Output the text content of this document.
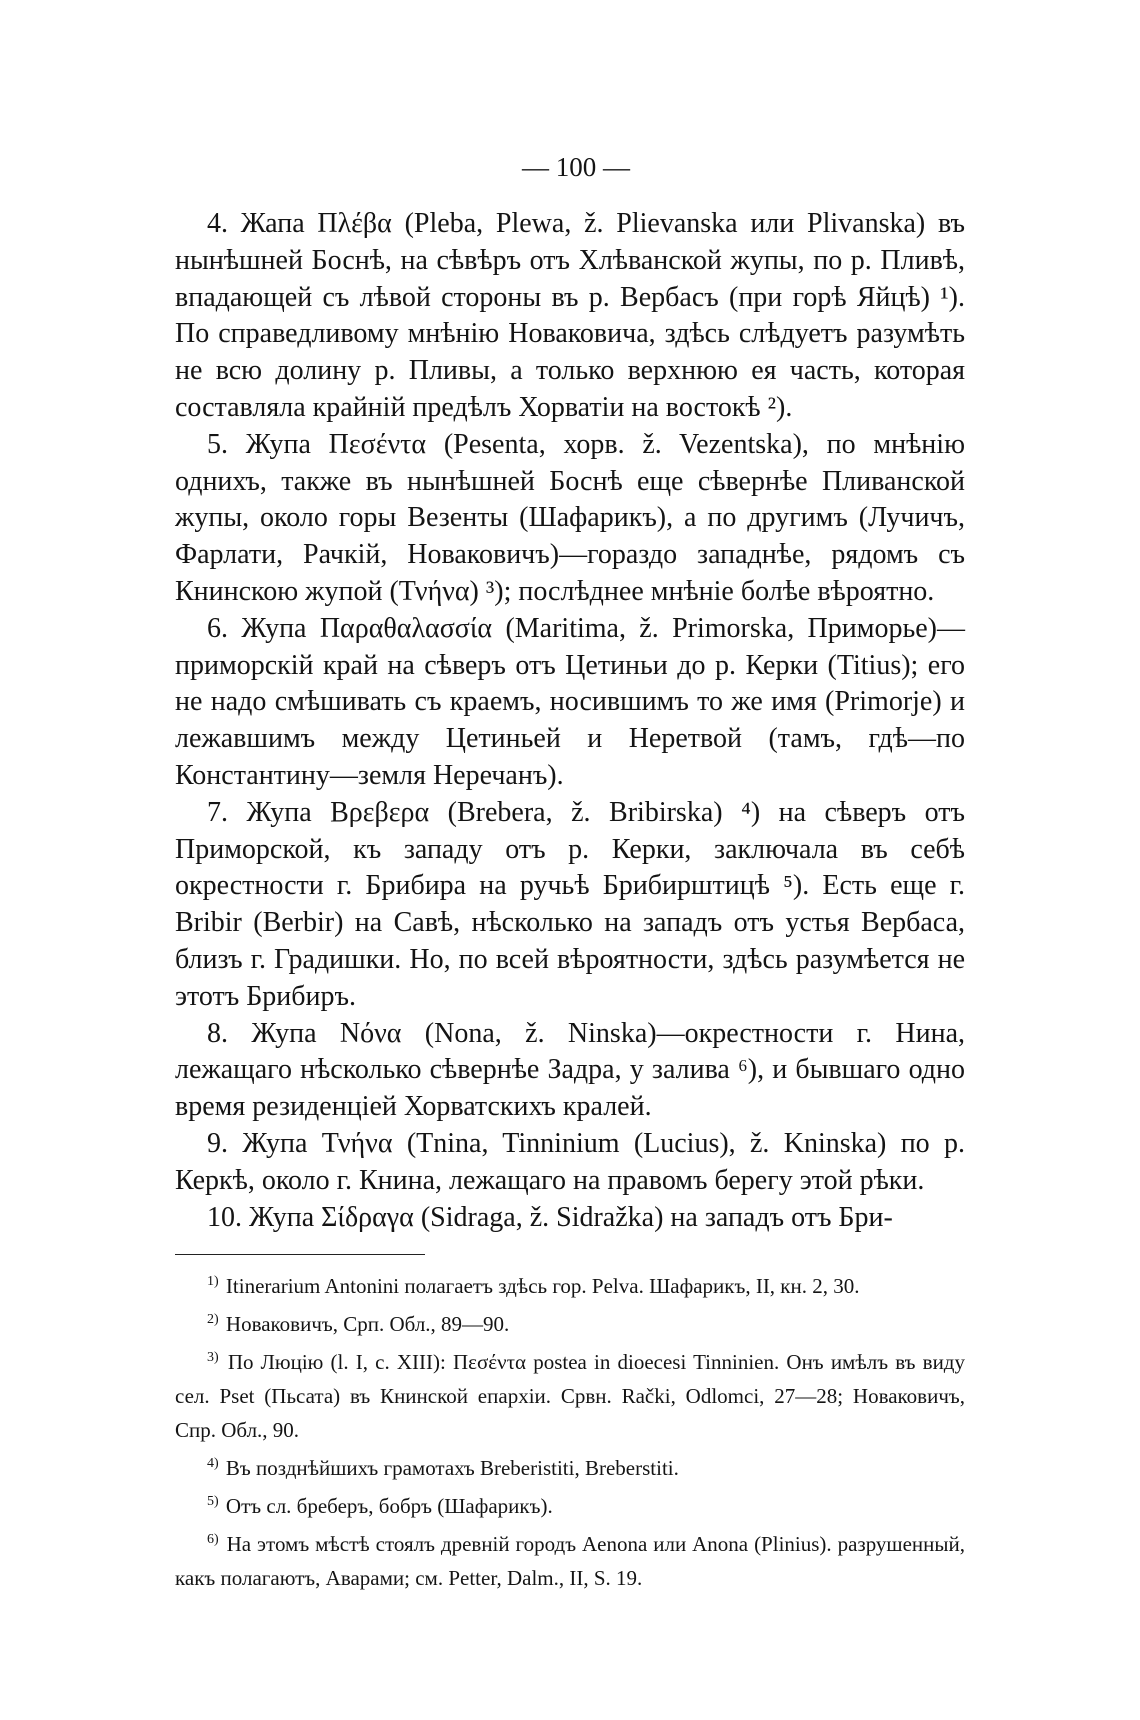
— 100 —

4. Жапа Πλέβα (Pleba, Plewa, ž. Plievanska или Plivanska) въ нынѣшней Боснѣ, на сѣвѣръ отъ Хлѣванской жупы, по р. Пливѣ, впадающей съ лѣвой стороны въ р. Вербасъ (при горѣ Яйцѣ) ¹). По справедливому мнѣнію Новаковича, здѣсь слѣдуетъ разумѣть не всю долину р. Пливы, а только верхнюю ея часть, которая составляла крайній предѣлъ Хорватіи на востокѣ ²).

5. Жупа Πεσέντα (Pesenta, хорв. ž. Vezentska), по мнѣнію однихъ, также въ нынѣшней Боснѣ еще сѣвернѣе Пливанской жупы, около горы Везенты (Шафарикъ), а по другимъ (Лучичъ, Фарлати, Рачкій, Новаковичъ)—гораздо западнѣе, рядомъ съ Книнскою жупой (Τνήνα) ³); послѣднее мнѣніе болѣе вѣроятно.

6. Жупа Παραθαλασσία (Maritima, ž. Primorska, Приморье)—приморскій край на сѣверъ отъ Цетиньи до р. Керки (Titius); его не надо смѣшивать съ краемъ, носившимъ то же имя (Primorje) и лежавшимъ между Цетиньей и Неретвой (тамъ, гдѣ—по Константину—земля Неречанъ).

7. Жупа Βρεβερα (Brebera, ž. Bribirska) ⁴) на сѣверъ отъ Приморской, къ западу отъ р. Керки, заключала въ себѣ окрестности г. Брибира на ручьѣ Брибирштицѣ ⁵). Есть еще г. Bribir (Berbir) на Савѣ, нѣсколько на западъ отъ устья Вербаса, близъ г. Градишки. Но, по всей вѣроятности, здѣсь разумѣется не этотъ Брибиръ.

8. Жупа Νόνα (Nona, ž. Ninska)—окрестности г. Нина, лежащаго нѣсколько сѣвернѣе Задра, у залива ⁶), и бывшаго одно время резиденціей Хорватскихъ кралей.

9. Жупа Τνήνα (Tnina, Tinninium (Lucius), ž. Kninska) по р. Керкѣ, около г. Книна, лежащаго на правомъ берегу этой рѣки.

10. Жупа Σίδραγα (Sidraga, ž. Sidražka) на западъ отъ Бри-

$^{1)}$ Itinerarium Antonini полагаетъ здѣсь гор. Pelva. Шафарикъ, II, кн. 2, 30.

$^{2)}$ Новаковичъ, Срп. Обл., 89—90.

$^{3)}$ По Люцію (l. I, c. XIII): Πεσέντα postea in dioecesi Tinninien. Онъ имѣлъ въ виду сел. Pset (Пьсата) въ Книнской епархіи. Срвн. Rački, Odlomci, 27—28; Новаковичъ, Спр. Обл., 90.

$^{4)}$ Въ позднѣйшихъ грамотахъ Breberistiti, Breberstiti.

$^{5)}$ Отъ сл. бреберъ, бобръ (Шафарикъ).

$^{6)}$ На этомъ мѣстѣ стоялъ древній городъ Aenona или Anona (Plinius). разрушенный, какъ полагаютъ, Аварами; см. Petter, Dalm., II, S. 19.
